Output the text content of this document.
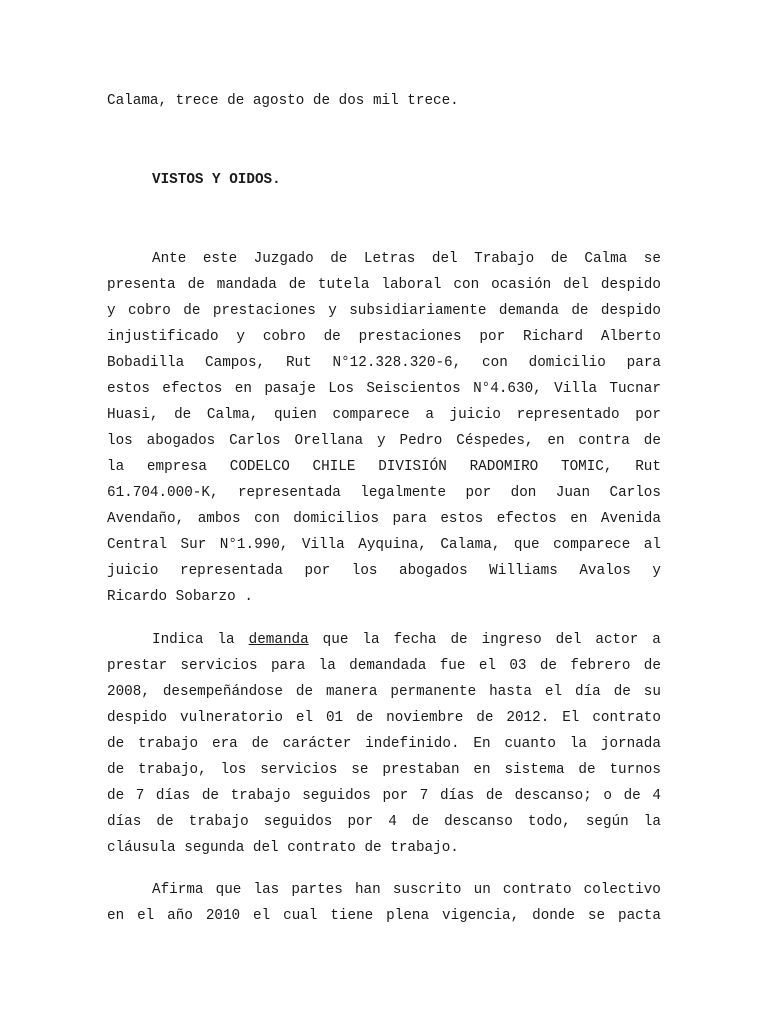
Calama, trece de agosto de dos mil trece.
VISTOS Y OIDOS.
Ante este Juzgado de Letras del Trabajo de Calma se
presenta de mandada de tutela laboral con ocasión del despido
y cobro de prestaciones y subsidiariamente demanda de despido
injustificado y cobro de prestaciones por Richard Alberto
Bobadilla Campos, Rut N°12.328.320-6, con domicilio para
estos efectos en pasaje Los Seiscientos N°4.630, Villa Tucnar
Huasi, de Calma, quien comparece a juicio representado por
los abogados Carlos Orellana y Pedro Céspedes, en contra de
la empresa CODELCO CHILE DIVISIÓN RADOMIRO TOMIC, Rut
61.704.000-K, representada legalmente por don Juan Carlos
Avendaño, ambos con domicilios para estos efectos en Avenida
Central Sur N°1.990, Villa Ayquina, Calama, que comparece al
juicio representada por los abogados Williams Avalos y
Ricardo Sobarzo .
Indica la demanda que la fecha de ingreso del actor a
prestar servicios para la demandada fue el 03 de febrero de
2008, desempeñándose de manera permanente hasta el día de su
despido vulneratorio el 01 de noviembre de 2012. El contrato
de trabajo era de carácter indefinido. En cuanto la jornada
de trabajo, los servicios se prestaban en sistema de turnos
de 7 días de trabajo seguidos por 7 días de descanso; o de 4
días de trabajo seguidos por 4 de descanso todo, según la
cláusula segunda del contrato de trabajo.
Afirma que las partes han suscrito un contrato colectivo
en el año 2010 el cual tiene plena vigencia, donde se pacta
